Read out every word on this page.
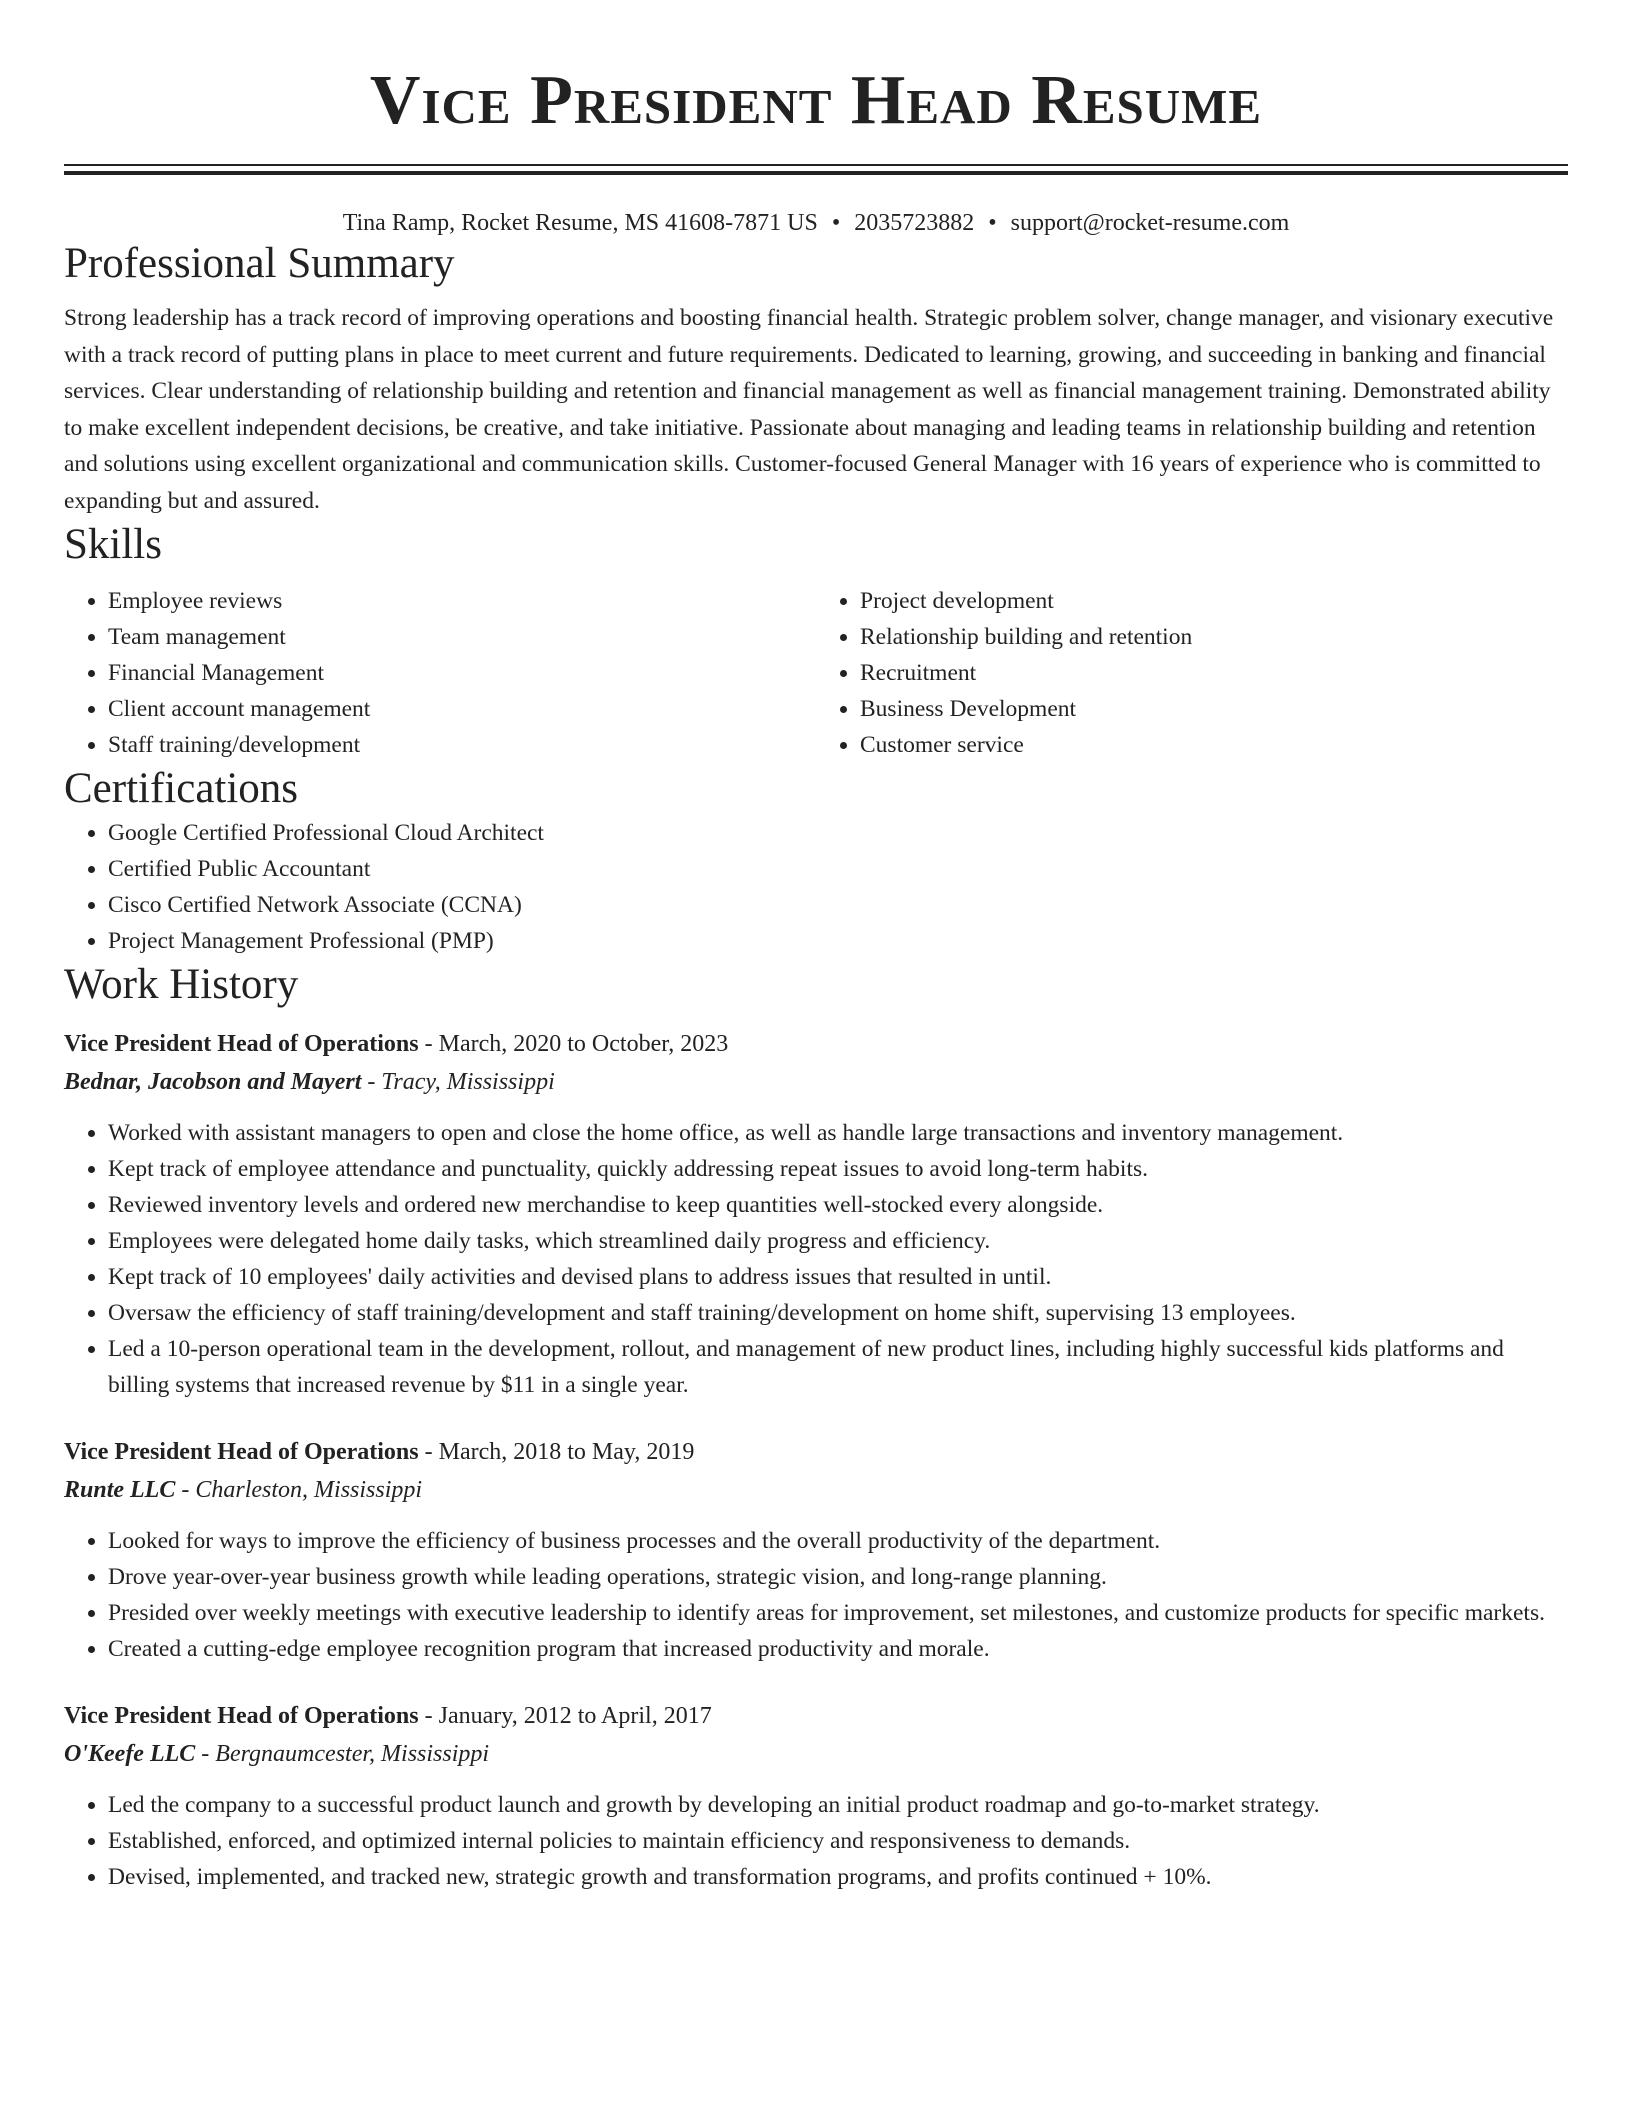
Vice President Head Resume
Tina Ramp, Rocket Resume, MS 41608-7871 US • 2035723882 • support@rocket-resume.com
Professional Summary

Strong leadership has a track record of improving operations and boosting financial health. Strategic problem solver, change manager, and visionary executive with a track record of putting plans in place to meet current and future requirements. Dedicated to learning, growing, and succeeding in banking and financial services. Clear understanding of relationship building and retention and financial management as well as financial management training. Demonstrated ability to make excellent independent decisions, be creative, and take initiative. Passionate about managing and leading teams in relationship building and retention and solutions using excellent organizational and communication skills. Customer-focused General Manager with 16 years of experience who is committed to expanding but and assured.

Skills
• Employee reviews
• Team management
• Financial Management
• Client account management
• Staff training/development
• Project development
• Relationship building and retention
• Recruitment
• Business Development
• Customer service
Certifications
• Google Certified Professional Cloud Architect
• Certified Public Accountant
• Cisco Certified Network Associate (CCNA)
• Project Management Professional (PMP)
Work History
Vice President Head of Operations - March, 2020 to October, 2023
Bednar, Jacobson and Mayert - Tracy, Mississippi
• Worked with assistant managers to open and close the home office, as well as handle large transactions and inventory management.
• Kept track of employee attendance and punctuality, quickly addressing repeat issues to avoid long-term habits.
• Reviewed inventory levels and ordered new merchandise to keep quantities well-stocked every alongside.
• Employees were delegated home daily tasks, which streamlined daily progress and efficiency.
• Kept track of 10 employees' daily activities and devised plans to address issues that resulted in until.
• Oversaw the efficiency of staff training/development and staff training/development on home shift, supervising 13 employees.
• Led a 10-person operational team in the development, rollout, and management of new product lines, including highly successful kids platforms and billing systems that increased revenue by $11 in a single year.
Vice President Head of Operations - March, 2018 to May, 2019
Runte LLC - Charleston, Mississippi
• Looked for ways to improve the efficiency of business processes and the overall productivity of the department.
• Drove year-over-year business growth while leading operations, strategic vision, and long-range planning.
• Presided over weekly meetings with executive leadership to identify areas for improvement, set milestones, and customize products for specific markets.
• Created a cutting-edge employee recognition program that increased productivity and morale.
Vice President Head of Operations - January, 2012 to April, 2017
O'Keefe LLC - Bergnaumcester, Mississippi
• Led the company to a successful product launch and growth by developing an initial product roadmap and go-to-market strategy.
• Established, enforced, and optimized internal policies to maintain efficiency and responsiveness to demands.
• Devised, implemented, and tracked new, strategic growth and transformation programs, and profits continued + 10%.
